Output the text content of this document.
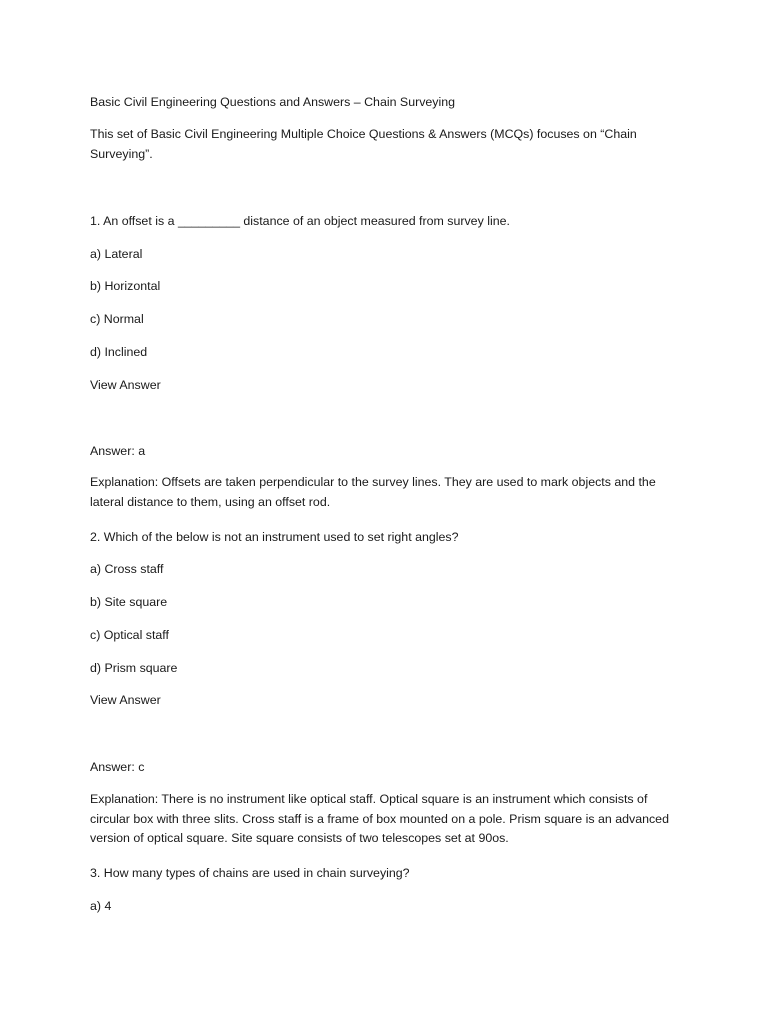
Basic Civil Engineering Questions and Answers – Chain Surveying
This set of Basic Civil Engineering Multiple Choice Questions & Answers (MCQs) focuses on “Chain Surveying”.
1. An offset is a _________ distance of an object measured from survey line.
a) Lateral
b) Horizontal
c) Normal
d) Inclined
View Answer
Answer: a
Explanation: Offsets are taken perpendicular to the survey lines. They are used to mark objects and the lateral distance to them, using an offset rod.
2. Which of the below is not an instrument used to set right angles?
a) Cross staff
b) Site square
c) Optical staff
d) Prism square
View Answer
Answer: c
Explanation: There is no instrument like optical staff. Optical square is an instrument which consists of circular box with three slits. Cross staff is a frame of box mounted on a pole. Prism square is an advanced version of optical square. Site square consists of two telescopes set at 90os.
3. How many types of chains are used in chain surveying?
a) 4
